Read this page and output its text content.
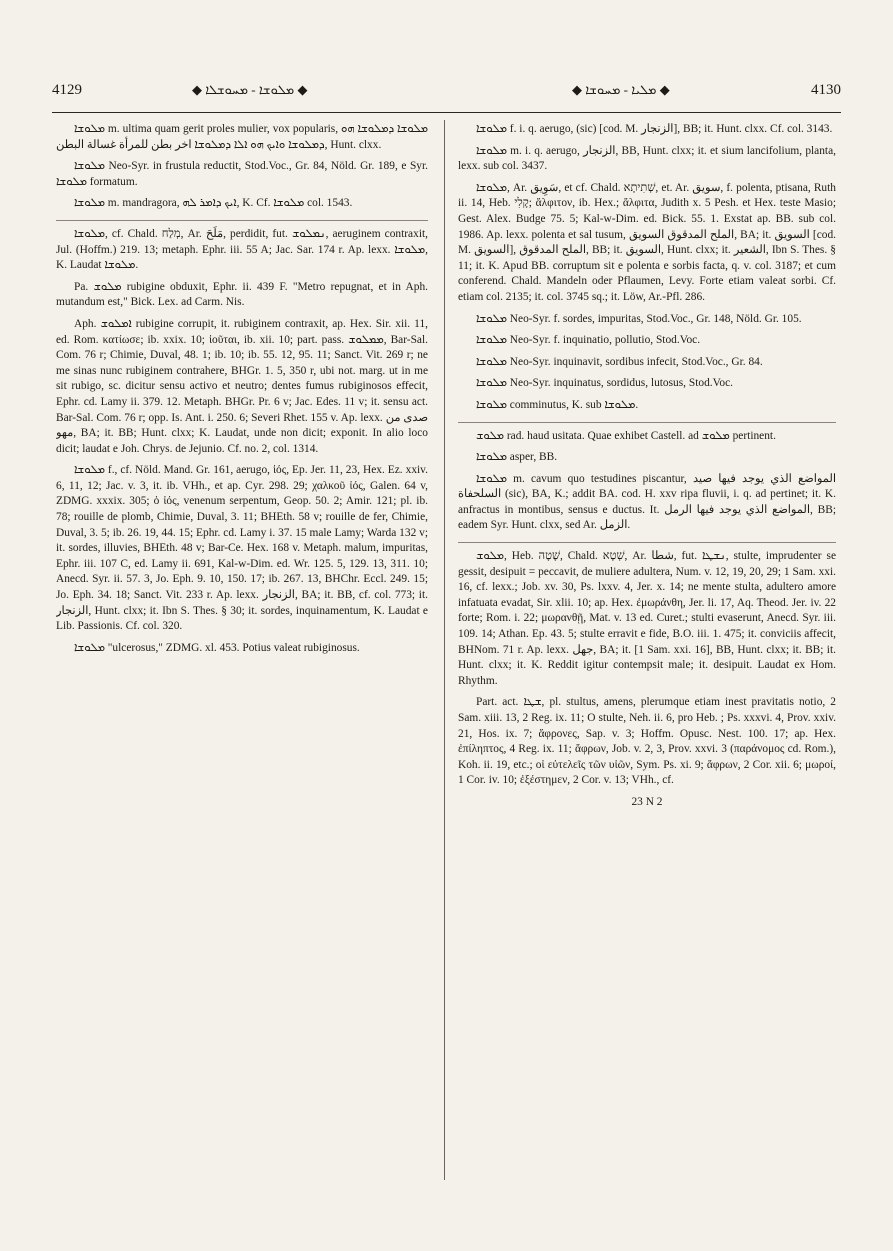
4129	◆ ܡܠܘܫܐ - ܡܚܘܫܠܐ ◆	◆ ܡܠܝܐ - ܡܚܘܫܐ ◆	4130

ܡܠܘܫܐ m. ultima quam gerit proles mulier, vox popularis, ܡܠܘܫܐ ܕܡܠܘܫܐ ܗܘ ܕܡܠܘܫܐ ܘܐܝܟ ܗܘ ܐܠܐ ܕܡܠܘܫܐ اخر بطن للمرأة غسالة البطن, Hunt. clxx.

ܡܠܘܫܐ Neo-Syr. in frustula reductit, Stod.Voc., Gr. 84, Nöld. Gr. 189, e Syr. ܡܠܘܫܐ formatum.

ܡܠܘܫܐ m. mandragora, ܐܝܟ ܕܐܡܪ ܠܗ, K. Cf. ܡܠܘܫܐ col. 1543.

ܡܠܘܫܐ, cf. Chald. מְלַח, Ar. مَلَحَ, perdidit, fut. ܢܡܠܘܫ, aeruginem contraxit, Jul. (Hoffm.) 219. 13; metaph. Ephr. iii. 55 A; Jac. Sar. 174 r. Ap. lexx. ܡܠܘܫܐ, K. Laudat ܡܠܘܫܐ.

Pa. ܡܠܘܫ rubigine obduxit, Ephr. ii. 439 F. "Metro repugnat, et in Aph. mutandum est," Bick. Lex. ad Carm. Nis.

Aph. ܐܡܠܘܫ rubigine corrupit, it. rubiginem contraxit, ap. Hex. Sir. xii. 11, ed. Rom. κατίωσε; ib. xxix. 10; ἰοῦται, ib. xii. 10; part. pass. ܡܡܠܘܫ, Bar-Sal. Com. 76 r; Chimie, Duval, 48. 1; ib. 10; ib. 55. 12, 95. 11; Sanct. Vit. 269 r; ne me sinas nunc rubiginem contrahere, BHGr. 1. 5, 350 r, ubi not. marg. ut in me sit rubigo, sc. dicitur sensu activo et neutro; dentes fumus rubiginosos effecit, Ephr. cd. Lamy ii. 379. 12. Metaph. BHGr. Pr. 6 v; Jac. Edes. 11 v; it. sensu act. Bar-Sal. Com. 76 r; opp. Is. Ant. i. 250. 6; Severi Rhet. 155 v. Ap. lexx. صدی من مهو, BA; it. BB; Hunt. clxx; K. Laudat, unde non dicit; exponit. In alio loco dicit; laudat e Joh. Chrys. de Jejunio. Cf. no. 2, col. 1314.

ܡܠܘܫܐ f., cf. Nöld. Mand. Gr. 161, aerugo, ἰός, Ep. Jer. 11, 23, Hex. Ez. xxiv. 6, 11, 12; Jac. v. 3, it. ib. VHh., et ap. Cyr. 298. 29; χαλκοῦ ἰός, Galen. 64 v, ZDMG. xxxix. 305; ὁ ἰός, venenum serpentum, Geop. 50. 2; Amir. 121; pl. ib. 78; rouille de plomb, Chimie, Duval, 3. 11; BHEth. 58 v; rouille de fer, Chimie, Duval, 3. 5; ib. 26. 19, 44. 15; Ephr. cd. Lamy i. 37. 15 male Lamy; Warda 132 v; it. sordes, illuvies, BHEth. 48 v; Bar-Ce. Hex. 168 v. Metaph. malum, impuritas, Ephr. iii. 107 C, ed. Lamy ii. 691, Kal-w-Dim. ed. Wr. 125. 5, 129. 13, 311. 10; Anecd. Syr. ii. 57. 3, Jo. Eph. 9. 10, 150. 17; ib. 267. 13, BHChr. Eccl. 249. 15; Jo. Eph. 34. 18; Sanct. Vit. 233 r. Ap. lexx. الزنجار, BA; it. BB, cf. col. 773; it. الزنجار, Hunt. clxx; it. Ibn S. Thes. § 30; it. sordes, inquinamentum, K. Laudat e Lib. Passionis. Cf. col. 320.

ܡܠܘܫܐ "ulcerosus," ZDMG. xl. 453. Potius valeat rubiginosus.

ܡܠܘܫܐ f. i. q. aerugo, (sic) [cod. M. الزنجار], BB; it. Hunt. clxx. Cf. col. 3143.

ܡܠܘܫܐ m. i. q. aerugo, الزنجار, BB, Hunt. clxx; it. et sium lancifolium, planta, lexx. sub col. 3437.

ܡܠܘܫܐ, Ar. سَوِيق, et cf. Chald. שְׁתִיתָא, et. Ar. سويق, f. polenta, ptisana, Ruth ii. 14, Heb. קָלִי; ἄλφιτον, ib. Hex.; ἄλφιτα, Judith x. 5 Pesh. et Hex. teste Masio; Gest. Alex. Budge 75. 5; Kal-w-Dim. ed. Bick. 55. 1. Exstat ap. BB. sub col. 1986. Ap. lexx. polenta et sal tusum, الملح المدقوق السويق, BA; it. السويق [cod. M. السويق], الملح المدقوق, BB; it. السويق, Hunt. clxx; it. الشعير, Ibn S. Thes. § 11; it. K. Apud BB. corruptum sit e polenta e sorbis facta, q. v. col. 3187; et cum conferend. Chald. Mandeln oder Pflaumen, Levy. Forte etiam valeat sorbi. Cf. etiam col. 2135; it. col. 3745 sq.; it. Löw, Ar.-Pfl. 286.

ܡܠܘܫܐ Neo-Syr. f. sordes, impuritas, Stod.Voc., Gr. 148, Nöld. Gr. 105.

ܡܠܘܫܐ Neo-Syr. f. inquinatio, pollutio, Stod.Voc.

ܡܠܘܫܐ Neo-Syr. inquinavit, sordibus infecit, Stod.Voc., Gr. 84.

ܡܠܘܫܐ Neo-Syr. inquinatus, sordidus, lutosus, Stod.Voc.

ܡܠܘܫܐ comminutus, K. sub ܡܠܘܫܐ.

ܡܠܘܫ rad. haud usitata. Quae exhibet Castell. ad ܡܠܘܫ pertinent.

ܡܠܘܫܐ asper, BB.

ܡܠܘܫܐ m. cavum quo testudines piscantur, المواضع الذي يوجد فيها صيد السلحفاة (sic), BA, K.; addit BA. cod. H. xxv ripa fluvii, i. q. ad pertinet; it. K. anfractus in montibus, sensus e ductus. It. المواضع الذي يوجد فيها الرمل, BB; eadem Syr. Hunt. clxx, sed Ar. الزمل.

ܡܠܘܫ, Heb. שָׁטָה, Chald. שְׁטָא, Ar. شطا, fut. ܢܫܛܐ, stulte, imprudenter se gessit, desipuit = peccavit, de muliere adultera, Num. v. 12, 19, 20, 29; 1 Sam. xxi. 16, cf. lexx.; Job. xv. 30, Ps. lxxv. 4, Jer. x. 14; ne mente stulta, adultero amore infatuata evadat, Sir. xlii. 10; ap. Hex. ἐμωράνθη, Jer. li. 17, Aq. Theod. Jer. iv. 22 forte; Rom. i. 22; μωρανθῇ, Mat. v. 13 ed. Curet.; stulti evaserunt, Anecd. Syr. iii. 109. 14; Athan. Ep. 43. 5; stulte erravit e fide, B.O. iii. 1. 475; it. conviciis affecit, BHNom. 71 r. Ap. lexx. جهل, BA; it. [1 Sam. xxi. 16], BB, Hunt. clxx; it. BB; it. Hunt. clxx; it. K. Reddit igitur contempsit male; it. desipuit. Laudat ex Hom. Rhythm.

Part. act. ܫܛܐ, pl. stultus, amens, plerumque etiam inest pravitatis notio, 2 Sam. xiii. 13, 2 Reg. ix. 11; O stulte, Neh. ii. 6, pro Heb. ; Ps. xxxvi. 4, Prov. xxiv. 21, Hos. ix. 7; ἄφρονες, Sap. v. 3; Hoffm. Opusc. Nest. 100. 17; ap. Hex. ἐπίληπτος, 4 Reg. ix. 11; ἄφρων, Job. v. 2, 3, Prov. xxvi. 3 (παράνομος cd. Rom.), Koh. ii. 19, etc.; οἱ εὐτελεῖς τῶν υἱῶν, Sym. Ps. xi. 9; ἄφρων, 2 Cor. xii. 6; μωροί, 1 Cor. iv. 10; ἐξέστημεν, 2 Cor. v. 13; VHh., cf.

23 N 2
